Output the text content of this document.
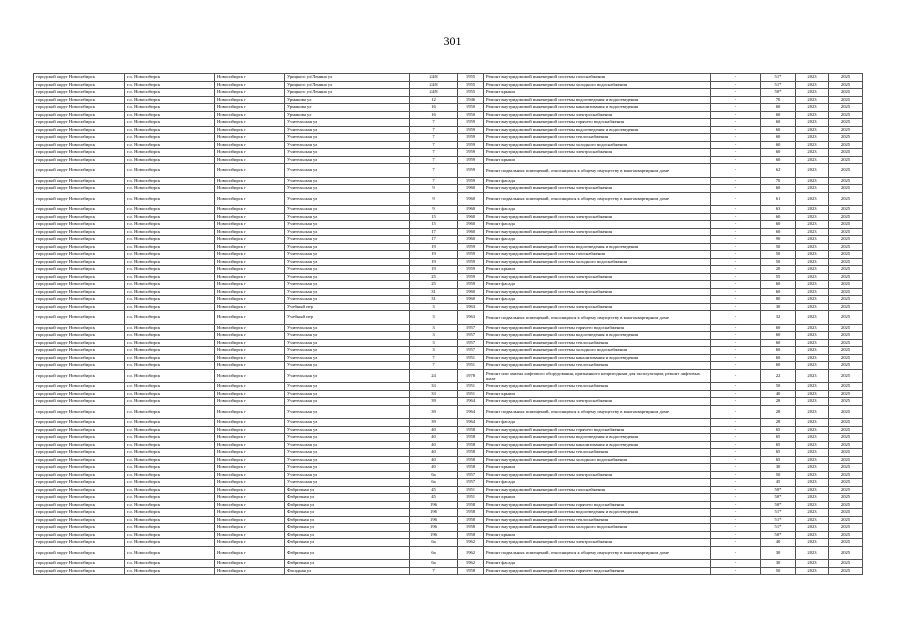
301
городской округ Новосибирск	г.о. Новосибирск	Новосибирск г	Урицкого ул/Ленина ул	24/8	1955	Ремонт внутридомовой инженерной системы газоснабжения	-	51*	2023	2025
городской округ Новосибирск	г.о. Новосибирск	Новосибирск г	Урицкого ул/Ленина ул	24/8	1955	Ремонт внутридомовой инженерной системы холодного водоснабжения	-	51*	2023	2025
городской округ Новосибирск	г.о. Новосибирск	Новосибирск г	Урицкого ул/Ленина ул	24/8	1955	Ремонт крыши	-	50*	2023	2025
городской округ Новосибирск	г.о. Новосибирск	Новосибирск г	Урманова ул	12	1946	Ремонт внутридомовой инженерной системы водоотведения и водоотведения	-	70	2023	2025
городской округ Новосибирск	г.о. Новосибирск	Новосибирск г	Урманова ул	16	1950	Ремонт внутридомовой инженерной системы канализования и водоотведения	-	60	2023	2025
городской округ Новосибирск	г.о. Новосибирск	Новосибирск г	Урманова ул	16	1950	Ремонт внутридомовой инженерной системы электроснабжения	-	60	2023	2025
городской округ Новосибирск	г.о. Новосибирск	Новосибирск г	Учительская ул	7	1959	Ремонт внутридомовой инженерной системы горячего водоснабжения	-	60	2023	2025
городской округ Новосибирск	г.о. Новосибирск	Новосибирск г	Учительская ул	7	1959	Ремонт внутридомовой инженерной системы водоотведения и водоотведения	-	60	2023	2025
городской округ Новосибирск	г.о. Новосибирск	Новосибирск г	Учительская ул	7	1959	Ремонт внутридомовой инженерной системы теплоснабжения	-	60	2023	2025
городской округ Новосибирск	г.о. Новосибирск	Новосибирск г	Учительская ул	7	1959	Ремонт внутридомовой инженерной системы холодного водоснабжения	-	60	2023	2025
городской округ Новосибирск	г.о. Новосибирск	Новосибирск г	Учительская ул	7	1959	Ремонт внутридомовой инженерной системы электроснабжения	-	60	2023	2025
городской округ Новосибирск	г.о. Новосибирск	Новосибирск г	Учительская ул	7	1959	Ремонт крыши	-	60	2023	2025
городской округ Новосибирск	г.о. Новосибирск	Новосибирск г	Учительская ул	7	1959	Ремонт подвальных помещений, относящихся к общему имуществу в многоквартирном доме	-	62	2023	2025
городской округ Новосибирск	г.о. Новосибирск	Новосибирск г	Учительская ул	7	1959	Ремонт фасада	-	70	2023	2025
городской округ Новосибирск	г.о. Новосибирск	Новосибирск г	Учительская ул	9	1960	Ремонт внутридомовой инженерной системы электроснабжения	-	60	2023	2025
городской округ Новосибирск	г.о. Новосибирск	Новосибирск г	Учительская ул	9	1960	Ремонт подвальных помещений, относящихся к общему имуществу в многоквартирном доме	-	61	2023	2025
городской округ Новосибирск	г.о. Новосибирск	Новосибирск г	Учительская ул	9	1960	Ремонт фасада	-	63	2023	2025
городской округ Новосибирск	г.о. Новосибирск	Новосибирск г	Учительская ул	15	1960	Ремонт внутридомовой инженерной системы электроснабжения	-	60	2023	2025
городской округ Новосибирск	г.о. Новосибирск	Новосибирск г	Учительская ул	15	1960	Ремонт фасада	-	60	2023	2025
городской округ Новосибирск	г.о. Новосибирск	Новосибирск г	Учительская ул	17	1960	Ремонт внутридомовой инженерной системы электроснабжения	-	60	2023	2025
городской округ Новосибирск	г.о. Новосибирск	Новосибирск г	Учительская ул	17	1960	Ремонт фасада	-	90	2023	2025
городской округ Новосибирск	г.о. Новосибирск	Новосибирск г	Учительская ул	19	1959	Ремонт внутридомовой инженерной системы водоотведения и водоотведения	-	50	2023	2025
городской округ Новосибирск	г.о. Новосибирск	Новосибирск г	Учительская ул	19	1959	Ремонт внутридомовой инженерной системы газоснабжения	-	50	2023	2025
городской округ Новосибирск	г.о. Новосибирск	Новосибирск г	Учительская ул	19	1959	Ремонт внутридомовой инженерной системы холодного водоснабжения	-	50	2023	2025
городской округ Новосибирск	г.о. Новосибирск	Новосибирск г	Учительская ул	19	1959	Ремонт крыши	-	20	2023	2025
городской округ Новосибирск	г.о. Новосибирск	Новосибирск г	Учительская ул	25	1959	Ремонт внутридомовой инженерной системы электроснабжения	-	55	2023	2025
городской округ Новосибирск	г.о. Новосибирск	Новосибирск г	Учительская ул	25	1959	Ремонт фасада	-	60	2023	2025
городской округ Новосибирск	г.о. Новосибирск	Новосибирск г	Учительская ул	31	1960	Ремонт внутридомовой инженерной системы электроснабжения	-	60	2023	2025
городской округ Новосибирск	г.о. Новосибирск	Новосибирск г	Учительская ул	31	1960	Ремонт фасада	-	80	2023	2025
городской округ Новосибирск	г.о. Новосибирск	Новосибирск г	Учебный пер	3	1963	Ремонт внутридомовой инженерной системы электроснабжения	-	30	2023	2025
городской округ Новосибирск	г.о. Новосибирск	Новосибирск г	Учебный пер	3	1963	Ремонт подвальных помещений, относящихся к общему имуществу в многоквартирном доме	-	32	2023	2025
городской округ Новосибирск	г.о. Новосибирск	Новосибирск г	Учительская ул	3	1957	Ремонт внутридомовой инженерной системы горячего водоснабжения	-	60	2023	2025
городской округ Новосибирск	г.о. Новосибирск	Новосибирск г	Учительская ул	3	1957	Ремонт внутридомовой инженерной системы водоотведения и водоотведения	-	60	2023	2025
городской округ Новосибирск	г.о. Новосибирск	Новосибирск г	Учительская ул	3	1957	Ремонт внутридомовой инженерной системы теплоснабжения	-	60	2023	2025
городской округ Новосибирск	г.о. Новосибирск	Новосибирск г	Учительская ул	3	1957	Ремонт внутридомовой инженерной системы холодного водоснабжения	-	60	2023	2025
городской округ Новосибирск	г.о. Новосибирск	Новосибирск г	Учительская ул	7	1951	Ремонт внутридомовой инженерной системы канализования и водоотведения	-	60	2023	2025
городской округ Новосибирск	г.о. Новосибирск	Новосибирск г	Учительская ул	7	1951	Ремонт внутридомовой инженерной системы теплоснабжения	-	60	2023	2025
городской округ Новосибирск	г.о. Новосибирск	Новосибирск г	Учительская ул	24	1978	Ремонт или замена лифтового оборудования, признанного непригодным для эксплуатации, ремонт лифтовых шахт	-	22	2023	2025
городской округ Новосибирск	г.о. Новосибирск	Новосибирск г	Учительская ул	33	1951	Ремонт внутридомовой инженерной системы теплоснабжения	-	50	2023	2025
городской округ Новосибирск	г.о. Новосибирск	Новосибирск г	Учительская ул	33	1951	Ремонт крыши	-	40	2023	2025
городской округ Новосибирск	г.о. Новосибирск	Новосибирск г	Учительская ул	39	1964	Ремонт внутридомовой инженерной системы электроснабжения	-	28	2023	2025
городской округ Новосибирск	г.о. Новосибирск	Новосибирск г	Учительская ул	39	1964	Ремонт подвальных помещений, относящихся к общему имуществу в многоквартирном доме	-	28	2023	2025
городской округ Новосибирск	г.о. Новосибирск	Новосибирск г	Учительская ул	39	1964	Ремонт фасада	-	28	2023	2025
городской округ Новосибирск	г.о. Новосибирск	Новосибирск г	Учительская ул	40	1958	Ремонт внутридомовой инженерной системы горячего водоснабжения	-	65	2023	2025
городской округ Новосибирск	г.о. Новосибирск	Новосибирск г	Учительская ул	40	1958	Ремонт внутридомовой инженерной системы водоотведения и водоотведения	-	65	2023	2025
городской округ Новосибирск	г.о. Новосибирск	Новосибирск г	Учительская ул	40	1958	Ремонт внутридомовой инженерной системы канализования и водоотведения	-	65	2023	2025
городской округ Новосибирск	г.о. Новосибирск	Новосибирск г	Учительская ул	40	1958	Ремонт внутридомовой инженерной системы теплоснабжения	-	65	2023	2025
городской округ Новосибирск	г.о. Новосибирск	Новосибирск г	Учительская ул	40	1958	Ремонт внутридомовой инженерной системы холодного водоснабжения	-	65	2023	2025
городской округ Новосибирск	г.о. Новосибирск	Новосибирск г	Учительская ул	40	1958	Ремонт крыши	-	30	2023	2025
городской округ Новосибирск	г.о. Новосибирск	Новосибирск г	Учительская ул	6а	1957	Ремонт внутридомовой инженерной системы электроснабжения	-	50	2023	2025
городской округ Новосибирск	г.о. Новосибирск	Новосибирск г	Учительская ул	6а	1957	Ремонт фасада	-	45	2023	2025
городской округ Новосибирск	г.о. Новосибирск	Новосибирск г	Фабричная ул	45	1951	Ремонт внутридомовой инженерной системы газоснабжения	-	50*	2023	2025
городской округ Новосибирск	г.о. Новосибирск	Новосибирск г	Фабричная ул	45	1951	Ремонт крыши	-	50*	2023	2025
городской округ Новосибирск	г.о. Новосибирск	Новосибирск г	Фабричная ул	196	1958	Ремонт внутридомовой инженерной системы горячего водоснабжения	-	50*	2023	2025
городской округ Новосибирск	г.о. Новосибирск	Новосибирск г	Фабричная ул	196	1958	Ремонт внутридомовой инженерной системы водоотведения и водоотведения	-	51*	2023	2025
городской округ Новосибирск	г.о. Новосибирск	Новосибирск г	Фабричная ул	196	1958	Ремонт внутридомовой инженерной системы теплоснабжения	-	51*	2023	2025
городской округ Новосибирск	г.о. Новосибирск	Новосибирск г	Фабричная ул	196	1958	Ремонт внутридомовой инженерной системы холодного водоснабжения	-	51*	2023	2025
городской округ Новосибирск	г.о. Новосибирск	Новосибирск г	Фабричная ул	196	1958	Ремонт крыши	-	50*	2023	2025
городской округ Новосибирск	г.о. Новосибирск	Новосибирск г	Фабричная ул	6а	1962	Ремонт внутридомовой инженерной системы электроснабжения	-	40	2023	2025
городской округ Новосибирск	г.о. Новосибирск	Новосибирск г	Фабричная ул	6а	1962	Ремонт подвальных помещений, относящихся к общему имуществу в многоквартирном доме	-	30	2023	2025
городской округ Новосибирск	г.о. Новосибирск	Новосибирск г	Фабричная ул	6а	1962	Ремонт фасада	-	30	2023	2025
городской округ Новосибирск	г.о. Новосибирск	Новосибирск г	Фасадная ул	7	1958	Ремонт внутридомовой инженерной системы горячего водоснабжения	-	50	2023	2025
